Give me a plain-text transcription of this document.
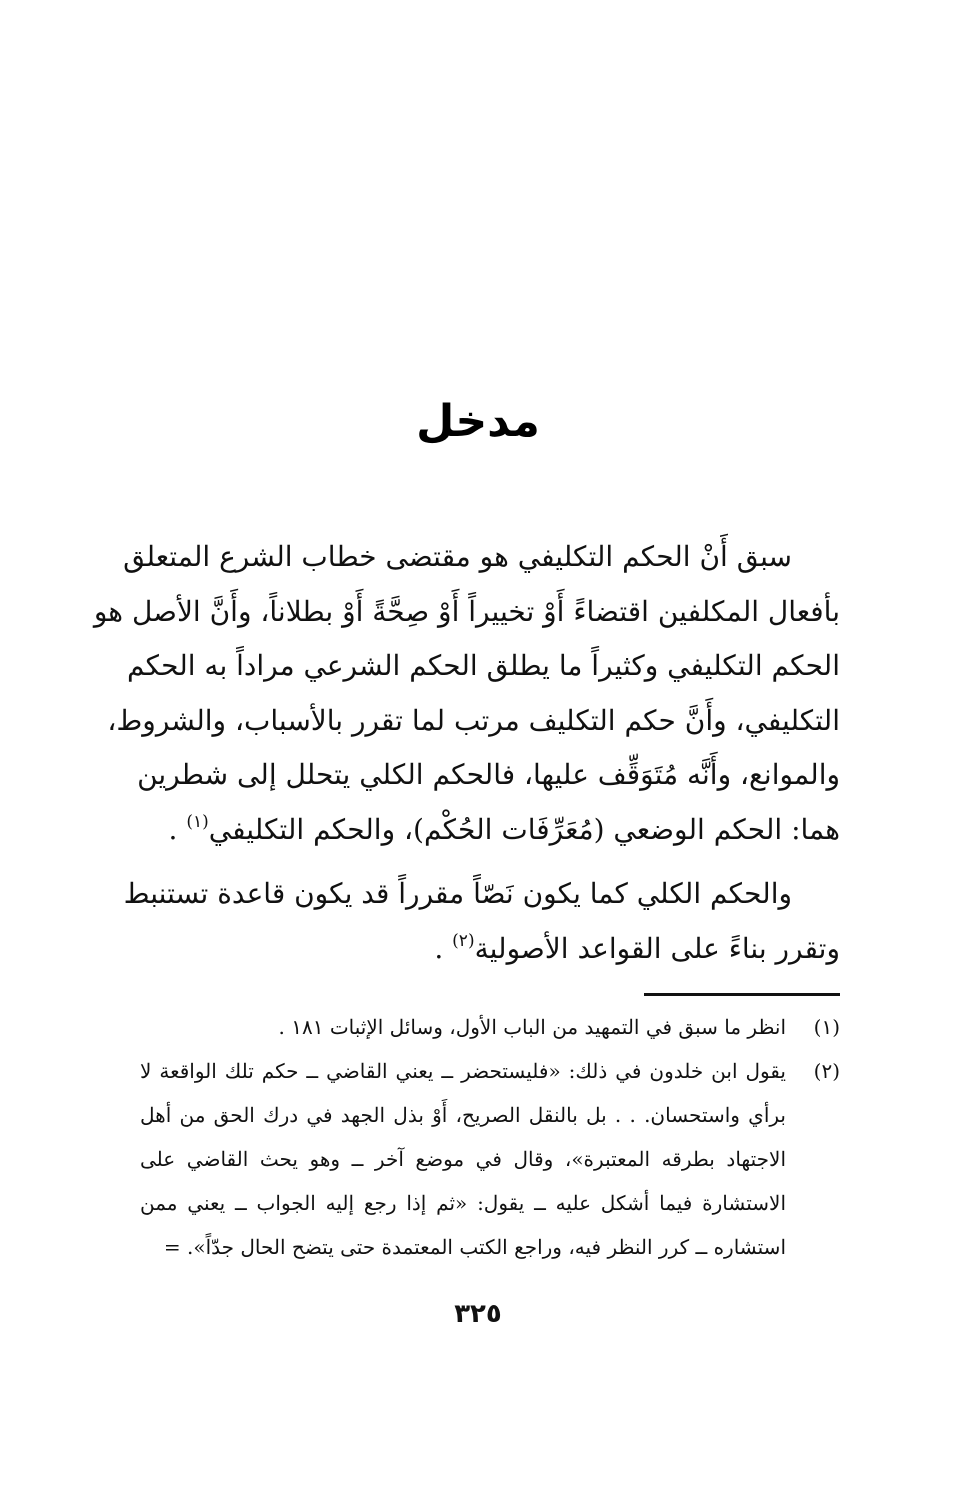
مدخل

سبق أَنْ الحكم التكليفي هو مقتضى خطاب الشرع المتعلق
بأفعال المكلفين اقتضاءً أَوْ تخييراً أَوْ صِحَّةً أَوْ بطلاناً، وأَنَّ الأصل هو
الحكم التكليفي وكثيراً ما يطلق الحكم الشرعي مراداً به الحكم
التكليفي، وأَنَّ حكم التكليف مرتب لما تقرر بالأسباب، والشروط،
والموانع، وأَنَّه مُتَوَقِّف عليها، فالحكم الكلي يتحلل إلى شطرين
هما: الحكم الوضعي (مُعَرِّفَات الحُكْم)، والحكم التكليفي$^{(١)}$ .

والحكم الكلي كما يكون نَصّاً مقرراً قد يكون قاعدة تستنبط
وتقرر بناءً على القواعد الأصولية$^{(٢)}$ .

(١)
انظر ما سبق في التمهيد من الباب الأول، وسائل الإثبات ١٨١ .
(٢)
يقول ابن خلدون في ذلك: «فليستحضر ــ يعني القاضي ــ حكم تلك الواقعة لا
برأي واستحسان. . . بل بالنقل الصريح، أَوْ بذل الجهد في درك الحق من أهل
الاجتهاد بطرقه المعتبرة»، وقال في موضع آخر ــ وهو يحث القاضي على
الاستشارة فيما أشكل عليه ــ يقول: «ثم إذا رجع إليه الجواب ــ يعني ممن
استشاره ــ كرر النظر فيه، وراجع الكتب المعتمدة حتى يتضح الحال جدّاً». =
٣٢٥
